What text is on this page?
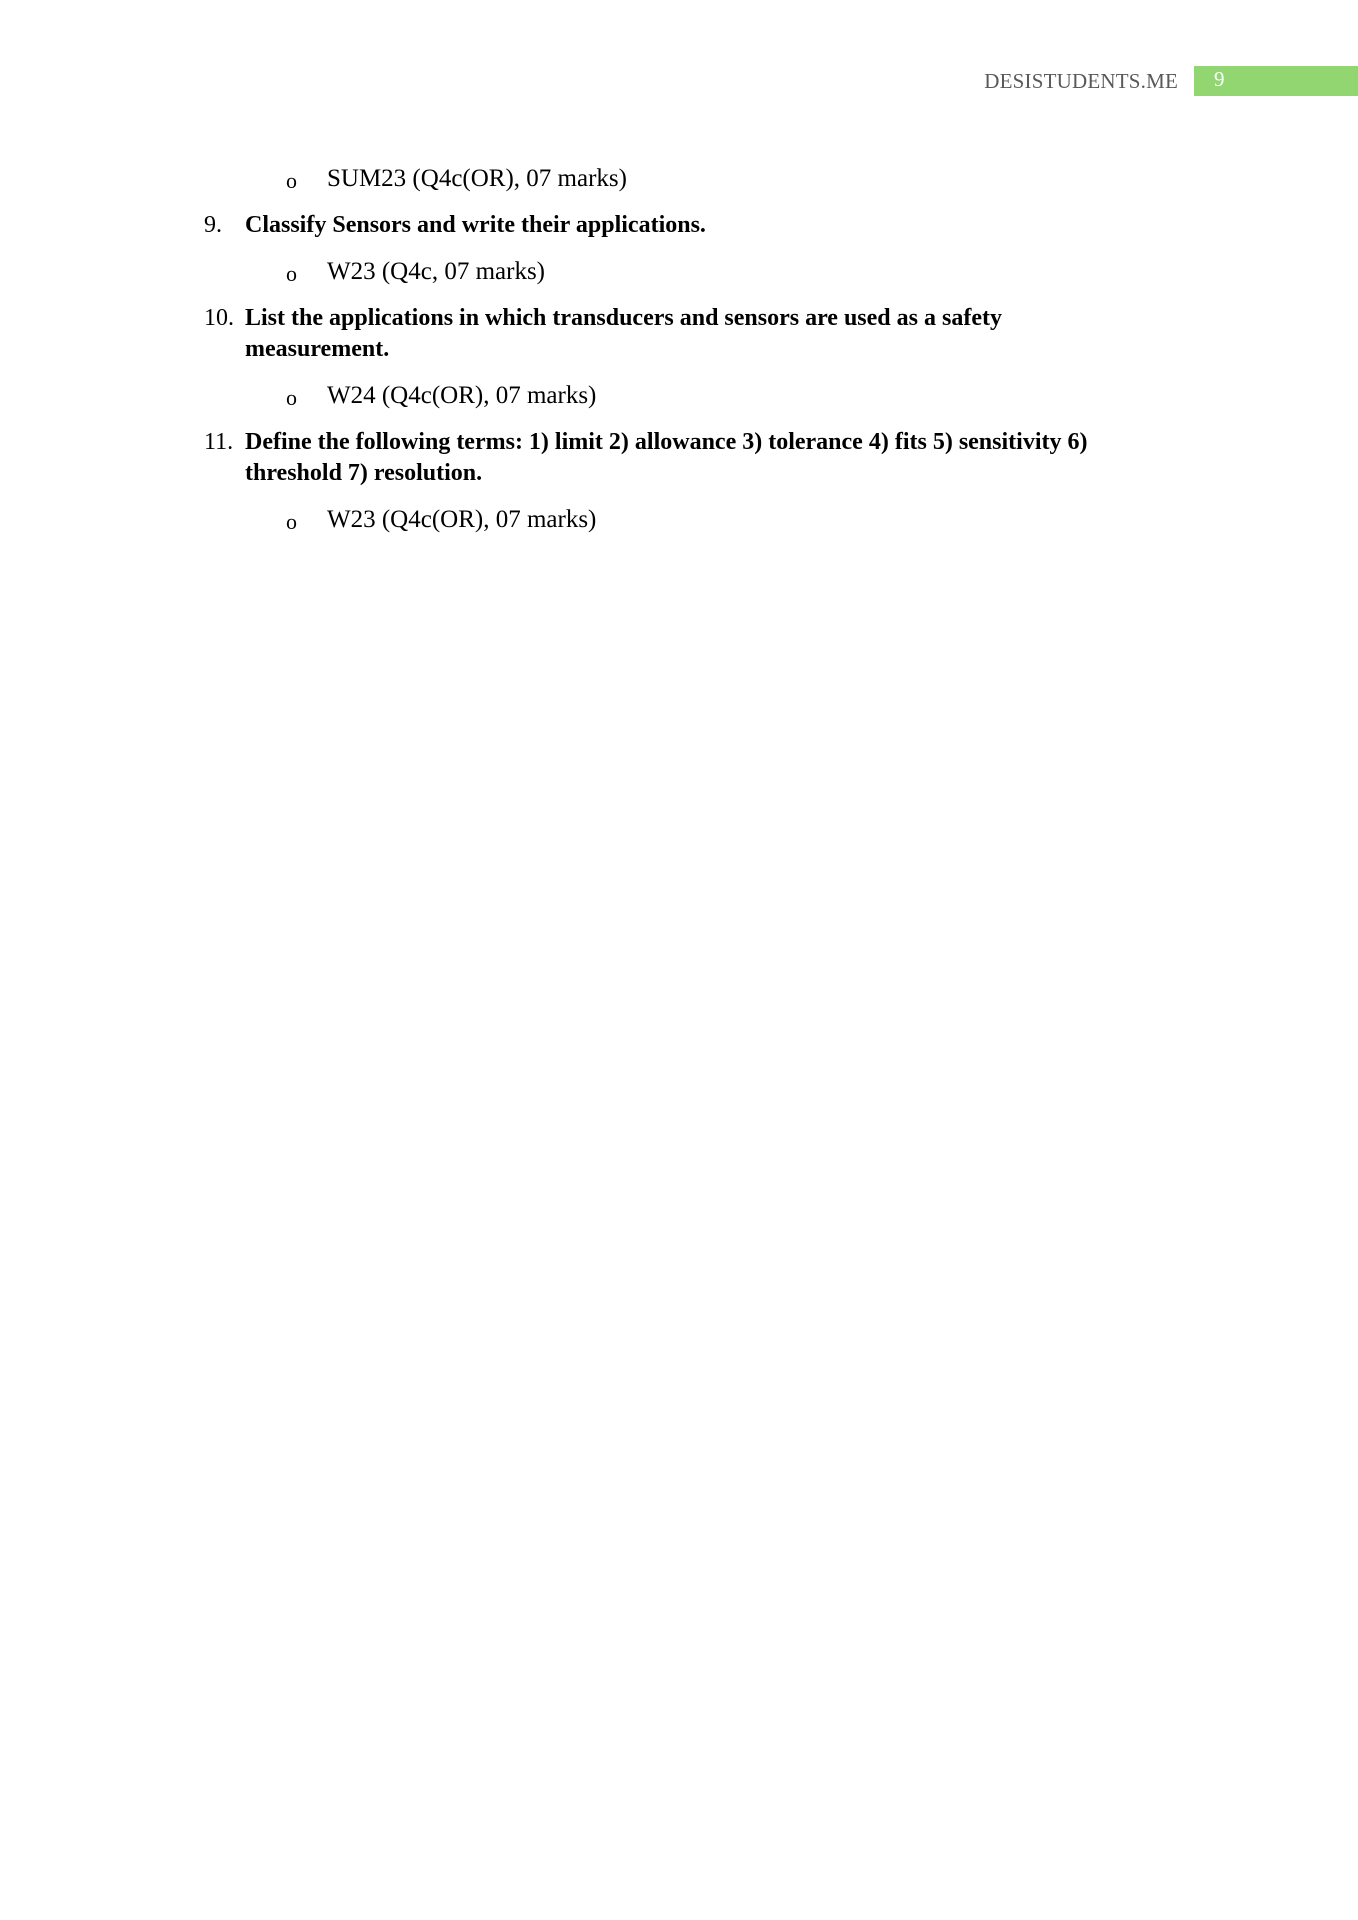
DESISTUDENTS.ME	9
o SUM23 (Q4c(OR), 07 marks)
9. Classify Sensors and write their applications.
o W23 (Q4c, 07 marks)
10. List the applications in which transducers and sensors are used as a safety measurement.
o W24 (Q4c(OR), 07 marks)
11. Define the following terms: 1) limit 2) allowance 3) tolerance 4) fits 5) sensitivity 6) threshold 7) resolution.
o W23 (Q4c(OR), 07 marks)
